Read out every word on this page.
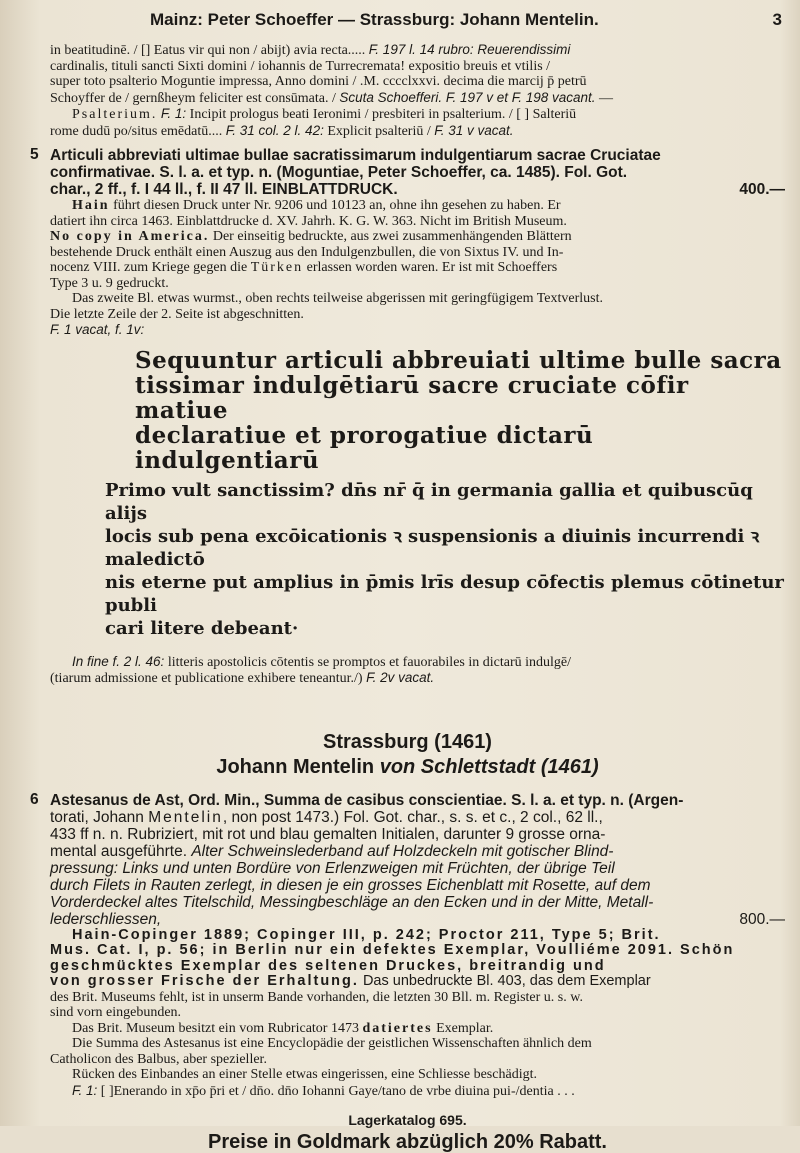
Mainz: Peter Schoeffer — Strassburg: Johann Mentelin.	3
in beatitudinē. / [] Eatus vir qui non / abijt) avia recta..... F. 197 l. 14 rubro: Reuerendissimi
cardinalis, tituli sancti Sixti domini / iohannis de Turrecremata! expositio breuis et vtilis /
super toto psalterio Moguntie impressa, Anno domini / .M. cccclxxvi. decima die marcij p̄ petrū
Schoyffer de / gernßheym feliciter est consūmata. / Scuta Schoefferi. F. 197 v et F. 198 vacant. —
Psalterium. F. 1: Incipit prologus beati Ieronimi / presbiteri in psalterium. / [ ] Salteriū
rome dudū po/situs emēdatū.... F. 31 col. 2 l. 42: Explicit psalteriū / F. 31 v vacat.
5 Articuli abbreviati ultimae bullae sacratissimarum indulgentiarum sacrae Cruciatae
confirmativae. S. l. a. et typ. n. (Moguntiae, Peter Schoeffer, ca. 1485). Fol. Got.
char., 2 ff., f. I 44 ll., f. II 47 ll. EINBLATTDRUCK.	400.—
Hain führt diesen Druck unter Nr. 9206 und 10123 an, ohne ihn gesehen zu haben. Er
datiert ihn circa 1463. Einblattdrucke d. XV. Jahrh. K. G. W. 363. Nicht im British Museum.
No copy in America. Der einseitig bedruckte, aus zwei zusammenhängenden Blättern
bestehende Druck enthält einen Auszug aus den Indulgenzbullen, die von Sixtus IV. und In-
nocenz VIII. zum Kriege gegen die Türken erlassen worden waren. Er ist mit Schoeffers
Type 3 u. 9 gedruckt.
Das zweite Bl. etwas wurmst., oben rechts teilweise abgerissen mit geringfügigem Textverlust.
Die letzte Zeile der 2. Seite ist abgeschnitten.
F. 1 vacat, f. 1v:
Sequuntur articuli abbreuiati ultime bulle sacra
tissimar indulgētiarū sacre cruciate cōfir matiue
declaratiue et prorogatiue dictarū indulgentiarū
Primo vult sanctissim? dn̄s nr̄ q̄ in germania gallia et quibuscūq alijs
locis sub pena excōicationis ꝛ suspensionis a diuinis incurrendi ꝛ maledictō
nis eterne put amplius in p̄mis lrīs desup cōfectis plemus cōtinetur publi
cari litere debeant·
In fine f. 2 l. 46: litteris apostolicis cōtentis se promptos et fauorabiles in dictarū indulgē/
(tiarum admissione et publicatione exhibere teneantur./) F. 2v vacat.
Strassburg (1461)
Johann Mentelin von Schlettstadt (1461)
6 Astesanus de Ast, Ord. Min., Summa de casibus conscientiae. S. l. a. et typ. n. (Argen-
torati, Johann Mentelin, non post 1473.) Fol. Got. char., s. s. et c., 2 col., 62 ll.,
433 ff n. n. Rubriziert, mit rot und blau gemalten Initialen, darunter 9 grosse orna-
mental ausgeführte. Alter Schweinslederband auf Holzdeckeln mit gotischer Blind-
pressung: Links und unten Bordüre von Erlenzweigen mit Früchten, der übrige Teil
durch Filets in Rauten zerlegt, in diesen je ein grosses Eichenblatt mit Rosette, auf dem
Vorderdeckel altes Titelschild, Messingbeschläge an den Ecken und in der Mitte, Metall-
lederschliessen,	800.—
Hain-Copinger 1889; Copinger III, p. 242; Proctor 211, Type 5; Brit.
Mus. Cat. I, p. 56; in Berlin nur ein defektes Exemplar, Voulliéme 2091. Schön
geschmücktes Exemplar des seltenen Druckes, breitrandig und
von grosser Frische der Erhaltung. Das unbedruckte Bl. 403, das dem Exemplar
des Brit. Museums fehlt, ist in unserm Bande vorhanden, die letzten 30 Bll. m. Register u. s. w.
sind vorn eingebunden.
Das Brit. Museum besitzt ein vom Rubricator 1473 datiertes Exemplar.
Die Summa des Astesanus ist eine Encyclopädie der geistlichen Wissenschaften ähnlich dem
Catholicon des Balbus, aber spezieller.
Rücken des Einbandes an einer Stelle etwas eingerissen, eine Schliesse beschädigt.
F. 1: [ ]Enerando in xp̄o p̄ri et / dn̄o. dn̄o Iohanni Gaye/tano de vrbe diuina pui-/dentia . . .
Lagerkatalog 695.
Preise in Goldmark abzüglich 20% Rabatt.
